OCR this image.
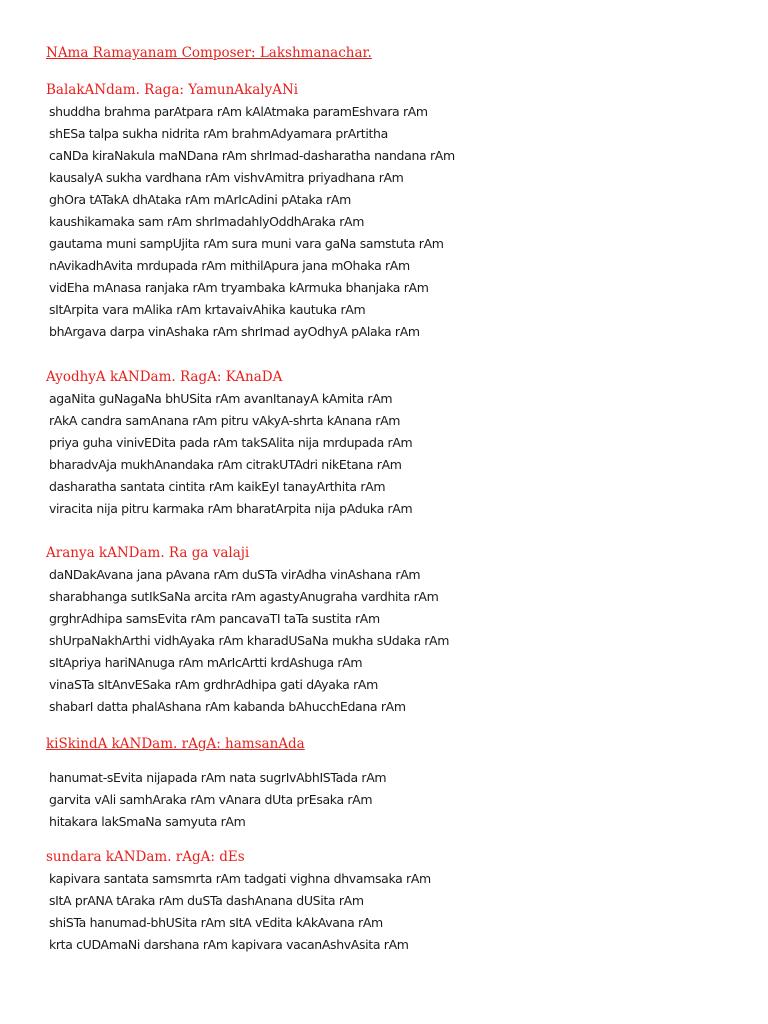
NAma Ramayanam Composer: Lakshmanachar.
BalakANdam. Raga: YamunAkalyANi
shuddha brahma parAtpara rAm kAlAtmaka paramEshvara rAm
shESa talpa sukha nidrita rAm brahmAdyamara prArtitha
caNDa kiraNakula maNDana rAm shrImad-dasharatha nandana rAm
kausalyA sukha vardhana rAm vishvAmitra priyadhana rAm
ghOra tATakA dhAtaka rAm mArIcAdini pAtaka rAm
kaushikamaka sam rAm shrImadahlyOddhAraka rAm
gautama muni sampUjita rAm sura muni vara gaNa samstuta rAm
nAvikadhAvita mrdupada rAm mithilApura jana mOhaka rAm
vidEha mAnasa ranjaka rAm tryambaka kArmuka bhanjaka rAm
sItArpita vara mAlika rAm krtavaivAhika kautuka rAm
bhArgava darpa vinAshaka rAm shrImad ayOdhyA pAlaka rAm
AyodhyA kANDam. RagA: KAnaDA
agaNita guNagaNa bhUSita rAm avanItanayA kAmita rAm
rAkA candra samAnana rAm pitru vAkyA-shrta kAnana rAm
priya guha vinivEDita pada rAm takSAlita nija mrdupada rAm
bharadvAja mukhAnandaka rAm citrakUTAdri nikEtana rAm
dasharatha santata cintita rAm kaikEyI tanayArthita rAm
viracita nija pitru karmaka rAm bharatArpita nija pAduka rAm
Aranya kANDam. Ra ga valaji
daNDakAvana jana pAvana rAm duSTa virAdha vinAshana rAm
sharabhanga sutIkSaNa arcita rAm agastyAnugraha vardhita rAm
grghrAdhipa samsEvita rAm pancavaTI taTa sustita rAm
shUrpaNakhArthi vidhAyaka rAm kharadUSaNa mukha sUdaka rAm
sItApriya hariNAnuga rAm mArIcArtti krdAshuga rAm
vinaSTa sItAnvESaka rAm grdhrAdhipa gati dAyaka rAm
shabarI datta phalAshana rAm kabanda bAhucchEdana rAm
kiSkindA kANDam. rAgA: hamsanAda
hanumat-sEvita nijapada rAm nata sugrIvAbhISTada rAm
garvita vAli samhAraka rAm vAnara dUta prEsaka rAm
hitakara lakSmaNa samyuta rAm
sundara kANDam. rAgA: dEs
kapivara santata samsmrta rAm tadgati vighna dhvamsaka rAm
sItA prANA tAraka rAm duSTa dashAnana dUSita rAm
shiSTa hanumad-bhUSita rAm sItA vEdita kAkAvana rAm
krta cUDAmaNi darshana rAm kapivara vacanAshvAsita rAm
